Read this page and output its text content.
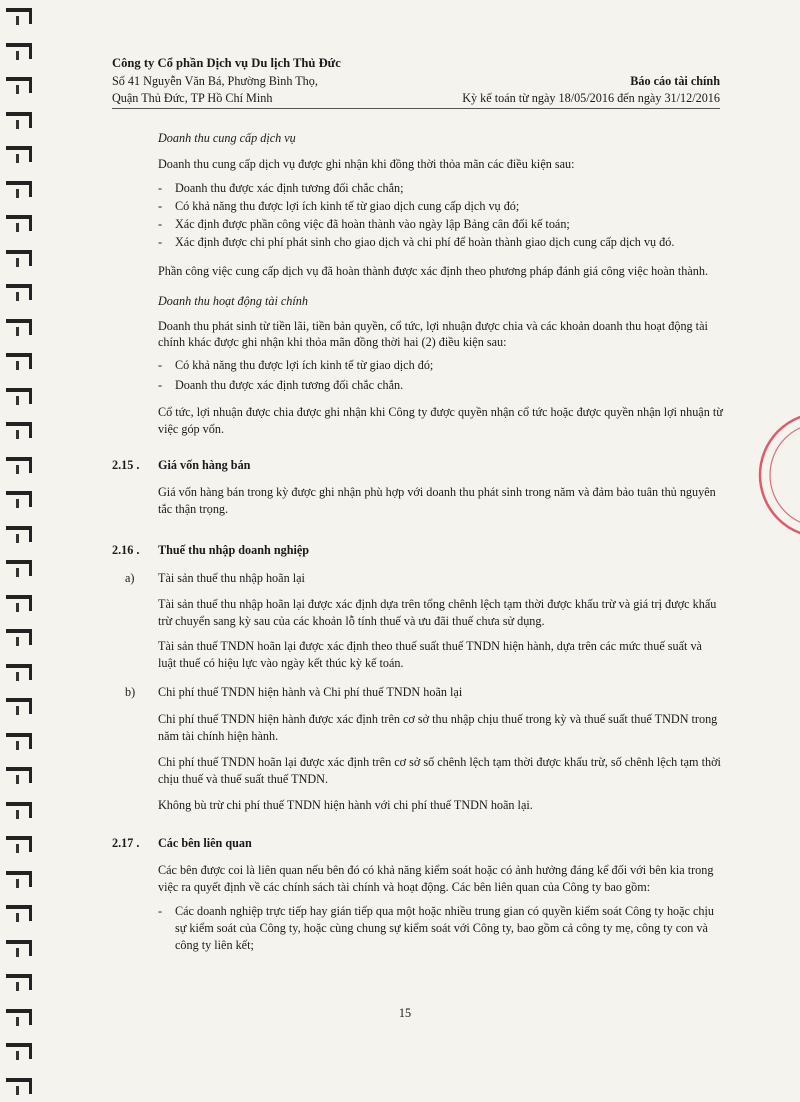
Công ty Cổ phần Dịch vụ Du lịch Thủ Đức
Số 41 Nguyễn Văn Bá, Phường Bình Thọ,
Quận Thủ Đức, TP Hồ Chí Minh
Báo cáo tài chính
Kỳ kế toán từ ngày 18/05/2016 đến ngày 31/12/2016
Doanh thu cung cấp dịch vụ
Doanh thu cung cấp dịch vụ được ghi nhận khi đồng thời thỏa mãn các điều kiện sau:
- Doanh thu được xác định tương đối chắc chắn;
- Có khả năng thu được lợi ích kinh tế từ giao dịch cung cấp dịch vụ đó;
- Xác định được phần công việc đã hoàn thành vào ngày lập Bảng cân đối kế toán;
- Xác định được chi phí phát sinh cho giao dịch và chi phí để hoàn thành giao dịch cung cấp dịch vụ đó.
Phần công việc cung cấp dịch vụ đã hoàn thành được xác định theo phương pháp đánh giá công việc hoàn thành.
Doanh thu hoạt động tài chính
Doanh thu phát sinh từ tiền lãi, tiền bản quyền, cổ tức, lợi nhuận được chia và các khoản doanh thu hoạt động tài
chính khác được ghi nhận khi thỏa mãn đồng thời hai (2) điều kiện sau:
- Có khả năng thu được lợi ích kinh tế từ giao dịch đó;
- Doanh thu được xác định tương đối chắc chắn.
Cổ tức, lợi nhuận được chia được ghi nhận khi Công ty được quyền nhận cổ tức hoặc được quyền nhận lợi nhuận từ
việc góp vốn.
2.15 . Giá vốn hàng bán
Giá vốn hàng bán trong kỳ được ghi nhận phù hợp với doanh thu phát sinh trong năm và đảm bảo tuân thủ nguyên
tắc thận trọng.
2.16 . Thuế thu nhập doanh nghiệp
a) Tài sản thuế thu nhập hoãn lại
Tài sản thuế thu nhập hoãn lại được xác định dựa trên tổng chênh lệch tạm thời được khấu trừ và giá trị được khấu
trừ chuyển sang kỳ sau của các khoản lỗ tính thuế và ưu đãi thuế chưa sử dụng.
Tài sản thuế TNDN hoãn lại được xác định theo thuế suất thuế TNDN hiện hành, dựa trên các mức thuế suất và
luật thuế có hiệu lực vào ngày kết thúc kỳ kế toán.
b) Chi phí thuế TNDN hiện hành và Chi phí thuế TNDN hoãn lại
Chi phí thuế TNDN hiện hành được xác định trên cơ sở thu nhập chịu thuế trong kỳ và thuế suất thuế TNDN trong
năm tài chính hiện hành.
Chi phí thuế TNDN hoãn lại được xác định trên cơ sở số chênh lệch tạm thời được khấu trừ, số chênh lệch tạm thời
chịu thuế và thuế suất thuế TNDN.
Không bù trừ chi phí thuế TNDN hiện hành với chi phí thuế TNDN hoãn lại.
2.17 . Các bên liên quan
Các bên được coi là liên quan nếu bên đó có khả năng kiểm soát hoặc có ảnh hưởng đáng kể đối với bên kia trong
việc ra quyết định về các chính sách tài chính và hoạt động. Các bên liên quan của Công ty bao gồm:
- Các doanh nghiệp trực tiếp hay gián tiếp qua một hoặc nhiều trung gian có quyền kiểm soát Công ty hoặc chịu
sự kiểm soát của Công ty, hoặc cùng chung sự kiểm soát với Công ty, bao gồm cả công ty mẹ, công ty con và
công ty liên kết;
15
